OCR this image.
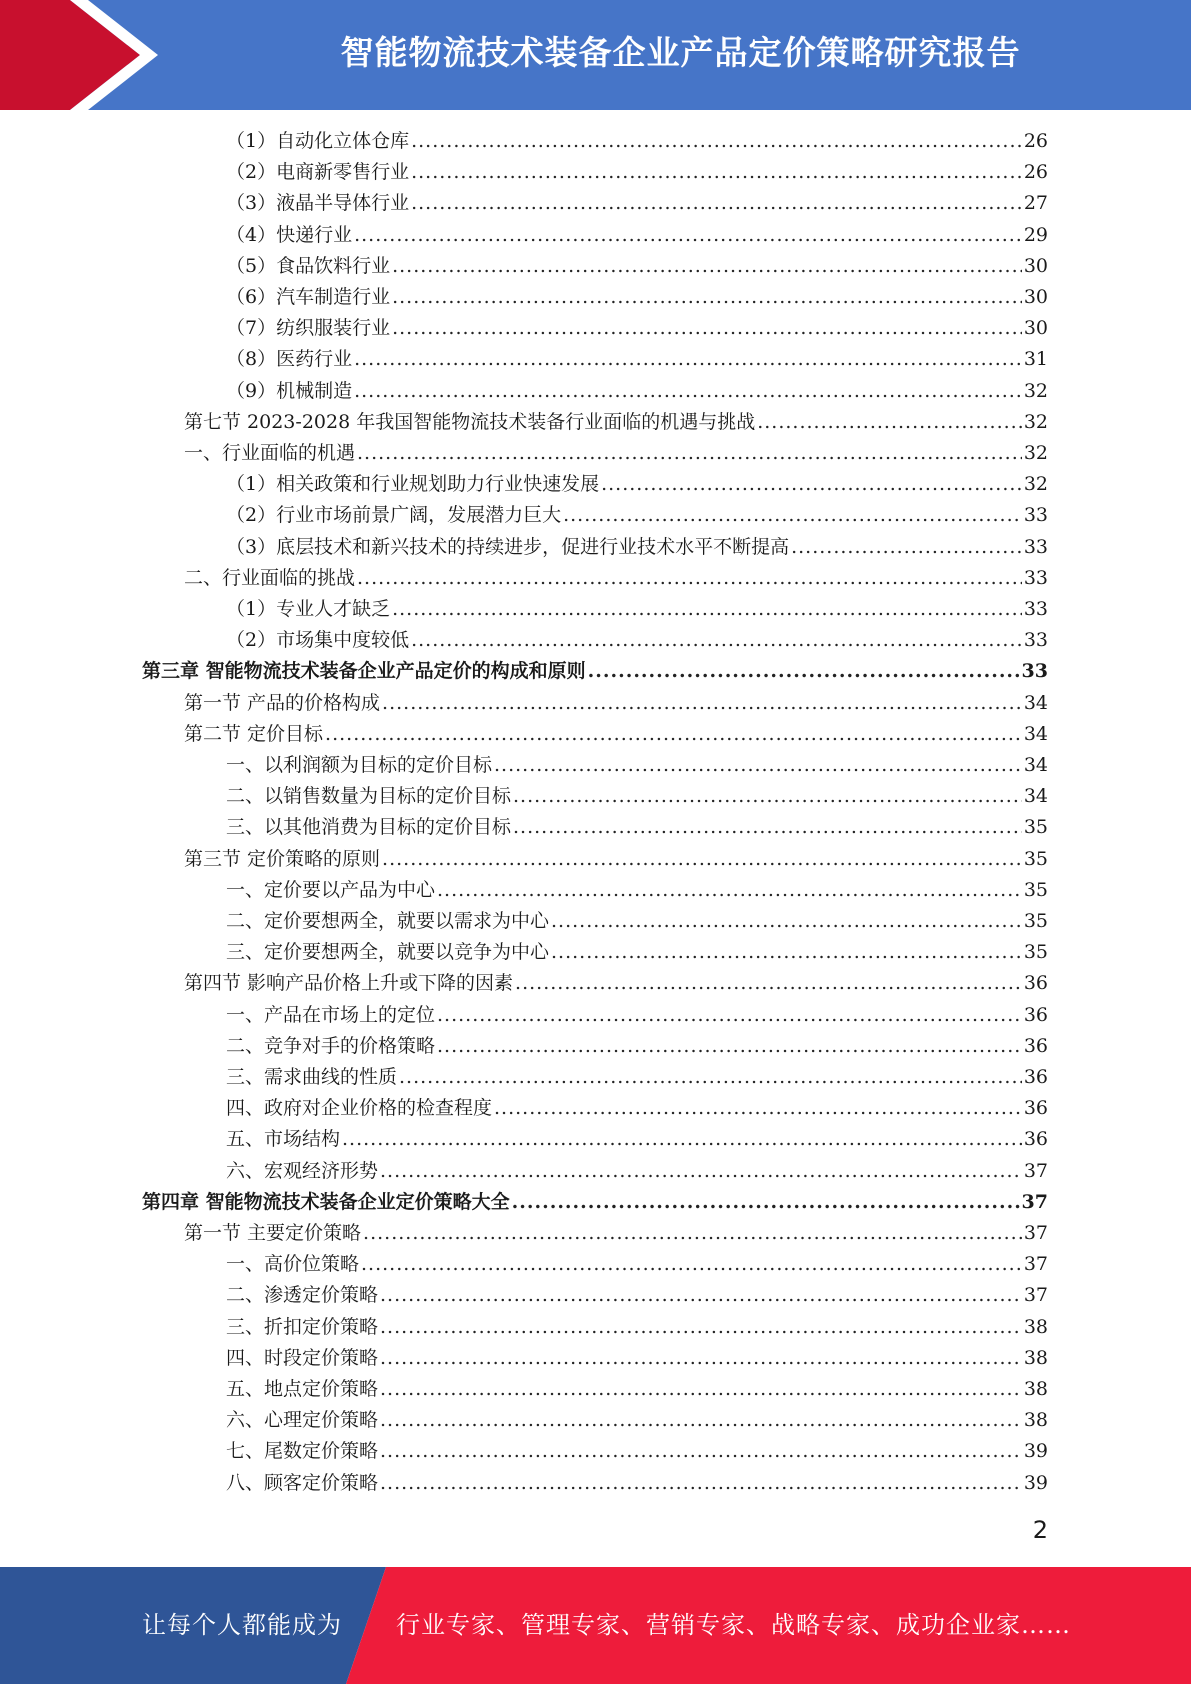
智能物流技术装备企业产品定价策略研究报告
（1）自动化立体仓库 .....	26
（2）电商新零售行业 .....	26
（3）液晶半导体行业 .....	27
（4）快递行业 .....	29
（5）食品饮料行业 .....	30
（6）汽车制造行业 .....	30
（7）纺织服装行业 .....	30
（8）医药行业 .....	31
（9）机械制造 .....	32
第七节 2023-2028 年我国智能物流技术装备行业面临的机遇与挑战 .....	32
一、行业面临的机遇 .....	32
（1）相关政策和行业规划助力行业快速发展 .....	32
（2）行业市场前景广阔，发展潜力巨大 .....	33
（3）底层技术和新兴技术的持续进步，促进行业技术水平不断提高 .....	33
二、行业面临的挑战 .....	33
（1）专业人才缺乏 .....	33
（2）市场集中度较低 .....	33
第三章 智能物流技术装备企业产品定价的构成和原则 .....	33
第一节 产品的价格构成 .....	34
第二节 定价目标 .....	34
一、以利润额为目标的定价目标 .....	34
二、以销售数量为目标的定价目标 .....	34
三、以其他消费为目标的定价目标 .....	35
第三节 定价策略的原则 .....	35
一、定价要以产品为中心 .....	35
二、定价要想两全，就要以需求为中心 .....	35
三、定价要想两全，就要以竞争为中心 .....	35
第四节 影响产品价格上升或下降的因素 .....	36
一、产品在市场上的定位 .....	36
二、竞争对手的价格策略 .....	36
三、需求曲线的性质 .....	36
四、政府对企业价格的检查程度 .....	36
五、市场结构 .....	36
六、宏观经济形势 .....	37
第四章 智能物流技术装备企业定价策略大全 .....	37
第一节 主要定价策略 .....	37
一、高价位策略 .....	37
二、渗透定价策略 .....	37
三、折扣定价策略 .....	38
四、时段定价策略 .....	38
五、地点定价策略 .....	38
六、心理定价策略 .....	38
七、尾数定价策略 .....	39
八、顾客定价策略 .....	39
2
让每个人都能成为 行业专家、管理专家、营销专家、战略专家、成功企业家……
